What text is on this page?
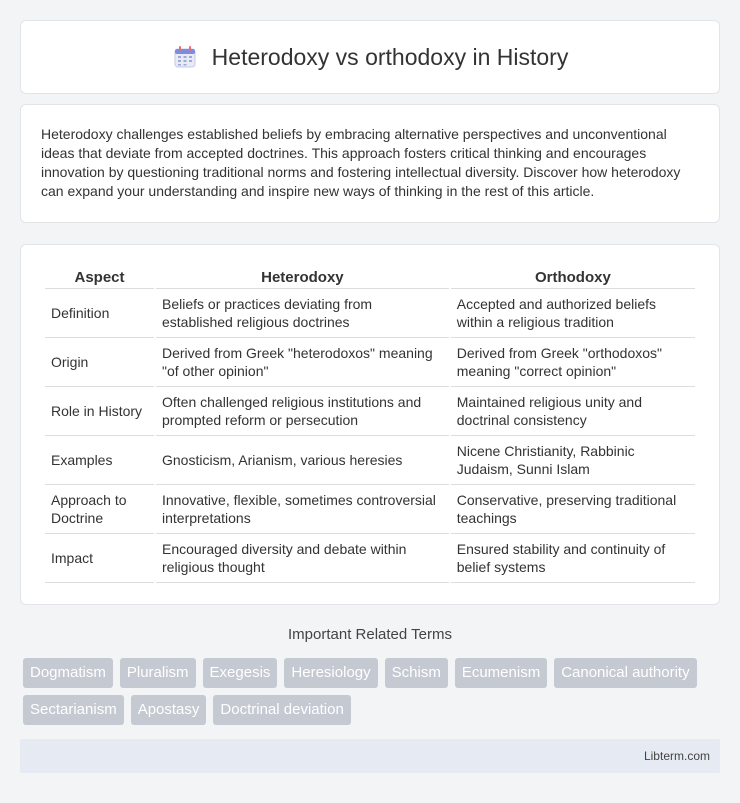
Heterodoxy vs orthodoxy in History

Heterodoxy challenges established beliefs by embracing alternative perspectives and unconventional ideas that deviate from accepted doctrines. This approach fosters critical thinking and encourages innovation by questioning traditional norms and fostering intellectual diversity. Discover how heterodoxy can expand your understanding and inspire new ways of thinking in the rest of this article.

Aspect	Heterodoxy	Orthodoxy
Definition	Beliefs or practices deviating from established religious doctrines	Accepted and authorized beliefs within a religious tradition
Origin	Derived from Greek "heterodoxos" meaning "of other opinion"	Derived from Greek "orthodoxos" meaning "correct opinion"
Role in History	Often challenged religious institutions and prompted reform or persecution	Maintained religious unity and doctrinal consistency
Examples	Gnosticism, Arianism, various heresies	Nicene Christianity, Rabbinic Judaism, Sunni Islam
Approach to Doctrine	Innovative, flexible, sometimes controversial interpretations	Conservative, preserving traditional teachings
Impact	Encouraged diversity and debate within religious thought	Ensured stability and continuity of belief systems
Important Related Terms
Dogmatism	Pluralism	Exegesis	Heresiology	Schism	Ecumenism	Canonical authority
Sectarianism	Apostasy	Doctrinal deviation
Libterm.com
